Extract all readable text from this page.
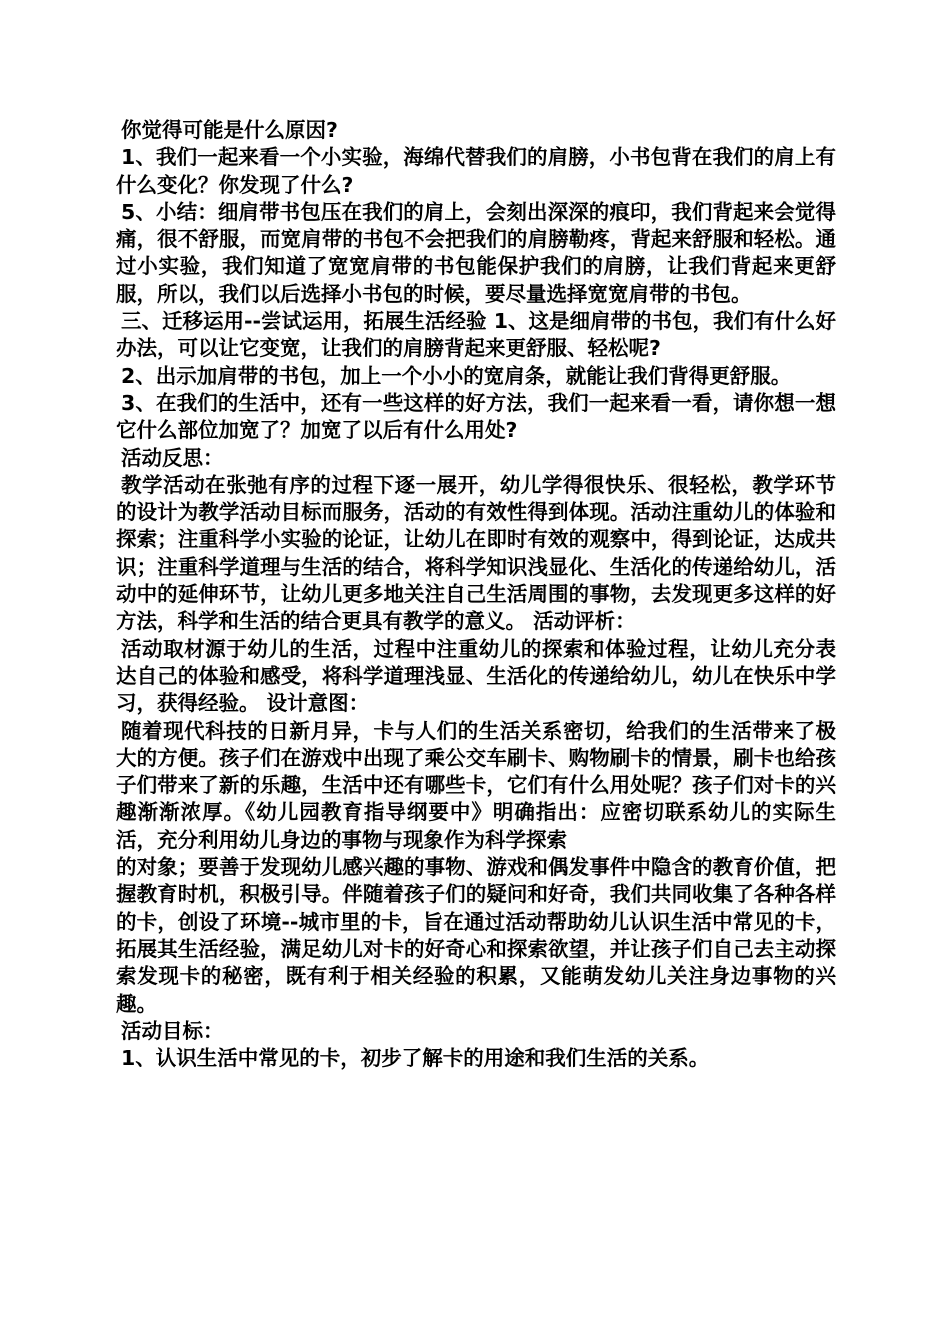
你觉得可能是什么原因?

1、我们一起来看一个小实验，海绵代替我们的肩膀，小书包背在我们的肩上有什么变化？你发现了什么?

5、小结：细肩带书包压在我们的肩上，会刻出深深的痕印，我们背起来会觉得痛，很不舒服，而宽肩带的书包不会把我们的肩膀勒疼，背起来舒服和轻松。通过小实验，我们知道了宽宽肩带的书包能保护我们的肩膀，让我们背起来更舒服，所以，我们以后选择小书包的时候，要尽量选择宽宽肩带的书包。

三、迁移运用--尝试运用，拓展生活经验 1、这是细肩带的书包，我们有什么好办法，可以让它变宽，让我们的肩膀背起来更舒服、轻松呢?

2、出示加肩带的书包，加上一个小小的宽肩条，就能让我们背得更舒服。

3、在我们的生活中，还有一些这样的好方法，我们一起来看一看，请你想一想它什么部位加宽了？加宽了以后有什么用处?

活动反思：

教学活动在张弛有序的过程下逐一展开，幼儿学得很快乐、很轻松，教学环节的设计为教学活动目标而服务，活动的有效性得到体现。活动注重幼儿的体验和探索；注重科学小实验的论证，让幼儿在即时有效的观察中，得到论证，达成共识；注重科学道理与生活的结合，将科学知识浅显化、生活化的传递给幼儿，活动中的延伸环节，让幼儿更多地关注自己生活周围的事物，去发现更多这样的好方法，科学和生活的结合更具有教学的意义。 活动评析：

活动取材源于幼儿的生活，过程中注重幼儿的探索和体验过程，让幼儿充分表达自己的体验和感受，将科学道理浅显、生活化的传递给幼儿，幼儿在快乐中学习，获得经验。 设计意图：

随着现代科技的日新月异，卡与人们的生活关系密切，给我们的生活带来了极大的方便。孩子们在游戏中出现了乘公交车刷卡、购物刷卡的情景，刷卡也给孩子们带来了新的乐趣，生活中还有哪些卡，它们有什么用处呢？孩子们对卡的兴趣渐渐浓厚。《幼儿园教育指导纲要中》明确指出：应密切联系幼儿的实际生活，充分利用幼儿身边的事物与现象作为科学探索

的对象；要善于发现幼儿感兴趣的事物、游戏和偶发事件中隐含的教育价值，把握教育时机，积极引导。伴随着孩子们的疑问和好奇，我们共同收集了各种各样的卡，创设了环境--城市里的卡，旨在通过活动帮助幼儿认识生活中常见的卡，拓展其生活经验，满足幼儿对卡的好奇心和探索欲望，并让孩子们自己去主动探索发现卡的秘密，既有利于相关经验的积累，又能萌发幼儿关注身边事物的兴趣。

活动目标：

1、认识生活中常见的卡，初步了解卡的用途和我们生活的关系。
